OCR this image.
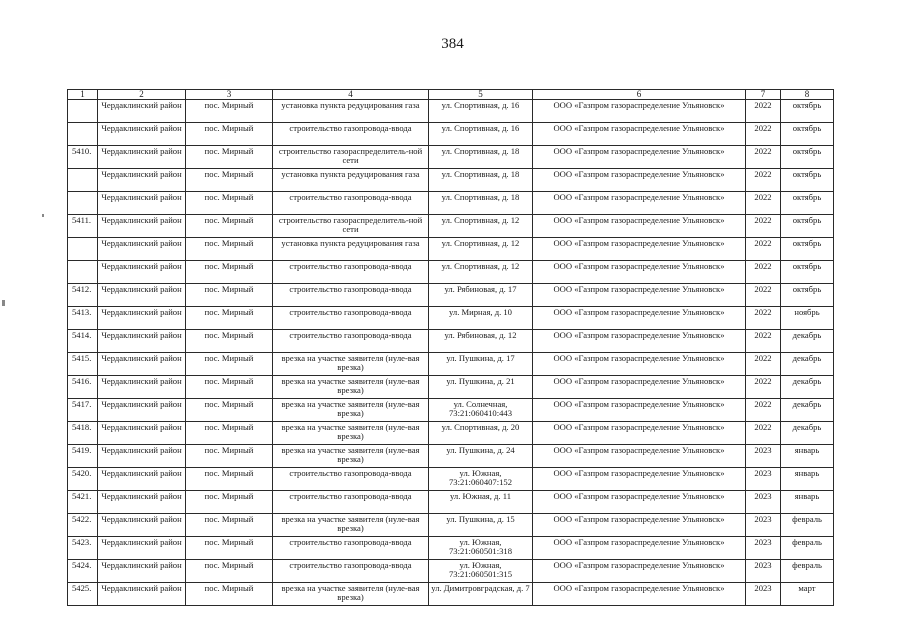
384
1	2	3	4	5	6	7	8
	Чердаклинский район	пос. Мирный	установка пункта редуцирования газа	ул. Спортивная, д. 16	ООО «Газпром газораспределение Ульяновск»	2022	октябрь
	Чердаклинский район	пос. Мирный	строительство газопровода-ввода	ул. Спортивная, д. 16	ООО «Газпром газораспределение Ульяновск»	2022	октябрь
5410.	Чердаклинский район	пос. Мирный	строительство газораспределитель-ной сети	ул. Спортивная, д. 18	ООО «Газпром газораспределение Ульяновск»	2022	октябрь
	Чердаклинский район	пос. Мирный	установка пункта редуцирования газа	ул. Спортивная, д. 18	ООО «Газпром газораспределение Ульяновск»	2022	октябрь
	Чердаклинский район	пос. Мирный	строительство газопровода-ввода	ул. Спортивная, д. 18	ООО «Газпром газораспределение Ульяновск»	2022	октябрь
5411.	Чердаклинский район	пос. Мирный	строительство газораспределитель-ной сети	ул. Спортивная, д. 12	ООО «Газпром газораспределение Ульяновск»	2022	октябрь
	Чердаклинский район	пос. Мирный	установка пункта редуцирования газа	ул. Спортивная, д. 12	ООО «Газпром газораспределение Ульяновск»	2022	октябрь
	Чердаклинский район	пос. Мирный	строительство газопровода-ввода	ул. Спортивная, д. 12	ООО «Газпром газораспределение Ульяновск»	2022	октябрь
5412.	Чердаклинский район	пос. Мирный	строительство газопровода-ввода	ул. Рябиновая, д. 17	ООО «Газпром газораспределение Ульяновск»	2022	октябрь
5413.	Чердаклинский район	пос. Мирный	строительство газопровода-ввода	ул. Мирная, д. 10	ООО «Газпром газораспределение Ульяновск»	2022	ноябрь
5414.	Чердаклинский район	пос. Мирный	строительство газопровода-ввода	ул. Рябиновая, д. 12	ООО «Газпром газораспределение Ульяновск»	2022	декабрь
5415.	Чердаклинский район	пос. Мирный	врезка на участке заявителя (нуле-вая врезка)	ул. Пушкина, д. 17	ООО «Газпром газораспределение Ульяновск»	2022	декабрь
5416.	Чердаклинский район	пос. Мирный	врезка на участке заявителя (нуле-вая врезка)	ул. Пушкина, д. 21	ООО «Газпром газораспределение Ульяновск»	2022	декабрь
5417.	Чердаклинский район	пос. Мирный	врезка на участке заявителя (нуле-вая врезка)	ул. Солнечная, 73:21:060410:443	ООО «Газпром газораспределение Ульяновск»	2022	декабрь
5418.	Чердаклинский район	пос. Мирный	врезка на участке заявителя (нуле-вая врезка)	ул. Спортивная, д. 20	ООО «Газпром газораспределение Ульяновск»	2022	декабрь
5419.	Чердаклинский район	пос. Мирный	врезка на участке заявителя (нуле-вая врезка)	ул. Пушкина, д. 24	ООО «Газпром газораспределение Ульяновск»	2023	январь
5420.	Чердаклинский район	пос. Мирный	строительство газопровода-ввода	ул. Южная, 73:21:060407:152	ООО «Газпром газораспределение Ульяновск»	2023	январь
5421.	Чердаклинский район	пос. Мирный	строительство газопровода-ввода	ул. Южная, д. 11	ООО «Газпром газораспределение Ульяновск»	2023	январь
5422.	Чердаклинский район	пос. Мирный	врезка на участке заявителя (нуле-вая врезка)	ул. Пушкина, д. 15	ООО «Газпром газораспределение Ульяновск»	2023	февраль
5423.	Чердаклинский район	пос. Мирный	строительство газопровода-ввода	ул. Южная, 73:21:060501:318	ООО «Газпром газораспределение Ульяновск»	2023	февраль
5424.	Чердаклинский район	пос. Мирный	строительство газопровода-ввода	ул. Южная, 73:21:060501:315	ООО «Газпром газораспределение Ульяновск»	2023	февраль
5425.	Чердаклинский район	пос. Мирный	врезка на участке заявителя (нуле-вая врезка)	ул. Димитровградская, д. 7	ООО «Газпром газораспределение Ульяновск»	2023	март
